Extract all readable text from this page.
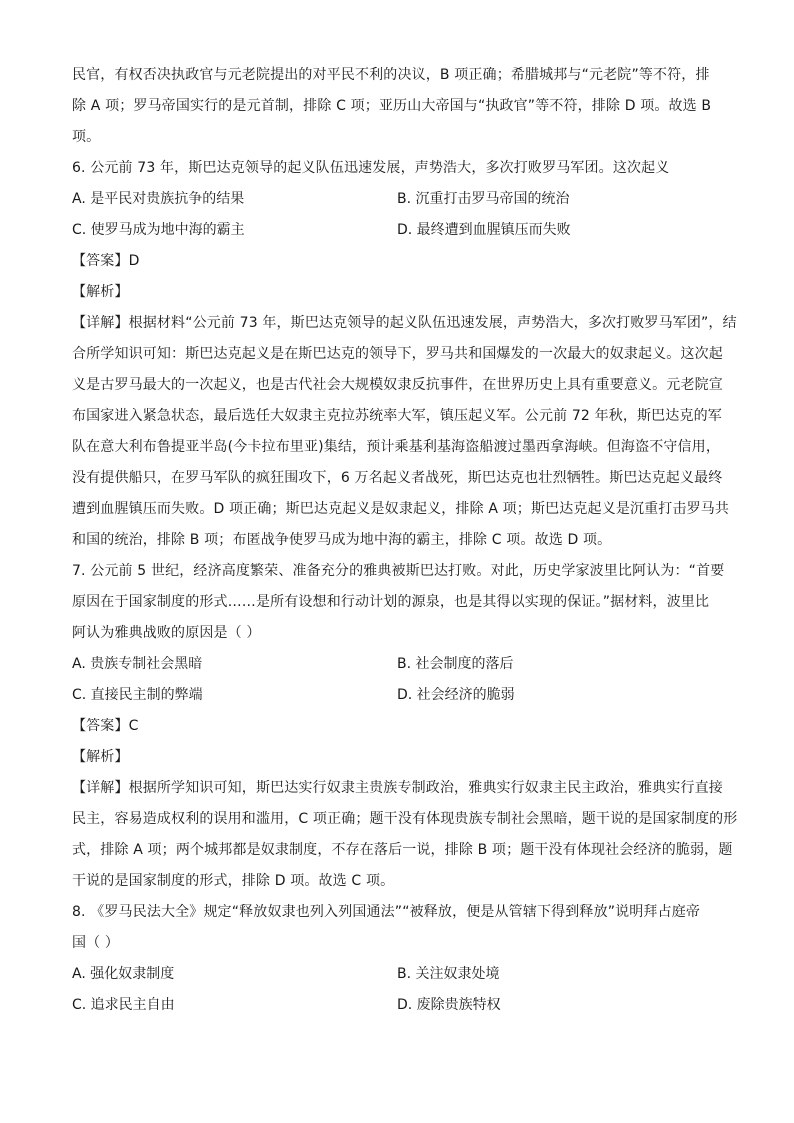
民官，有权否决执政官与元老院提出的对平民不利的决议，B 项正确；希腊城邦与“元老院”等不符，排
除 A 项；罗马帝国实行的是元首制，排除 C 项；亚历山大帝国与“执政官”等不符，排除 D 项。故选 B
项。
6. 公元前 73 年，斯巴达克领导的起义队伍迅速发展，声势浩大，多次打败罗马军团。这次起义
A. 是平民对贵族抗争的结果	B. 沉重打击罗马帝国的统治
C. 使罗马成为地中海的霸主	D. 最终遭到血腥镇压而失败
【答案】D
【解析】
【详解】根据材料“公元前 73 年，斯巴达克领导的起义队伍迅速发展，声势浩大，多次打败罗马军团”，结
合所学知识可知：斯巴达克起义是在斯巴达克的领导下，罗马共和国爆发的一次最大的奴隶起义。这次起
义是古罗马最大的一次起义，也是古代社会大规模奴隶反抗事件，在世界历史上具有重要意义。元老院宣
布国家进入紧急状态，最后选任大奴隶主克拉苏统率大军，镇压起义军。公元前 72 年秋，斯巴达克的军
队在意大利布鲁提亚半岛(今卡拉布里亚)集结，预计乘基利基海盗船渡过墨西拿海峡。但海盗不守信用，
没有提供船只，在罗马军队的疯狂围攻下，6 万名起义者战死，斯巴达克也壮烈牺牲。斯巴达克起义最终
遭到血腥镇压而失败。D 项正确；斯巴达克起义是奴隶起义，排除 A 项；斯巴达克起义是沉重打击罗马共
和国的统治，排除 B 项；布匿战争使罗马成为地中海的霸主，排除 C 项。故选 D 项。
7. 公元前 5 世纪，经济高度繁荣、准备充分的雅典被斯巴达打败。对此，历史学家波里比阿认为：“首要
原因在于国家制度的形式……是所有设想和行动计划的源泉，也是其得以实现的保证。”据材料，波里比
阿认为雅典战败的原因是（ ）
A. 贵族专制社会黑暗	B. 社会制度的落后
C. 直接民主制的弊端	D. 社会经济的脆弱
【答案】C
【解析】
【详解】根据所学知识可知，斯巴达实行奴隶主贵族专制政治，雅典实行奴隶主民主政治，雅典实行直接
民主，容易造成权利的误用和滥用，C 项正确；题干没有体现贵族专制社会黑暗，题干说的是国家制度的形
式，排除 A 项；两个城邦都是奴隶制度，不存在落后一说，排除 B 项；题干没有体现社会经济的脆弱，题
干说的是国家制度的形式，排除 D 项。故选 C 项。
8. 《罗马民法大全》规定“释放奴隶也列入列国通法”“被释放，便是从管辖下得到释放”说明拜占庭帝
国（ ）
A. 强化奴隶制度	B. 关注奴隶处境
C. 追求民主自由	D. 废除贵族特权
